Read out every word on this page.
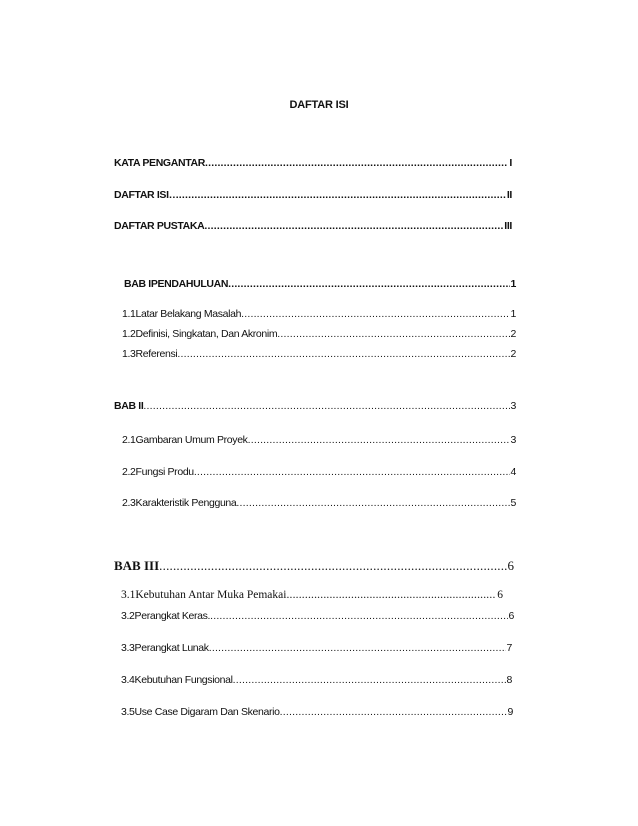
DAFTAR ISI
KATA PENGANTAR .....	I
DAFTAR ISI… .....	II
DAFTAR PUSTAKA .....	III
BAB I PENDAHULUAN .....	1
1.1 Latar Belakang Masalah .....	1
1.2 Definisi, Singkatan, Dan Akronim .....	2
1.3 Referensi .....	2
BAB II .....	3
2.1 Gambaran Umum Proyek .....	3
2.2 Fungsi Produ .....	4
2.3 Karakteristik Pengguna .....	5
BAB III .....	6
3.1 Kebutuhan Antar Muka Pemakai .....	6
3.2 Perangkat Keras. .....	6
3.3 Perangkat Lunak .....	7
3.4 Kebutuhan Fungsional .....	8
3.5 Use Case Digaram Dan Skenario .....	9
